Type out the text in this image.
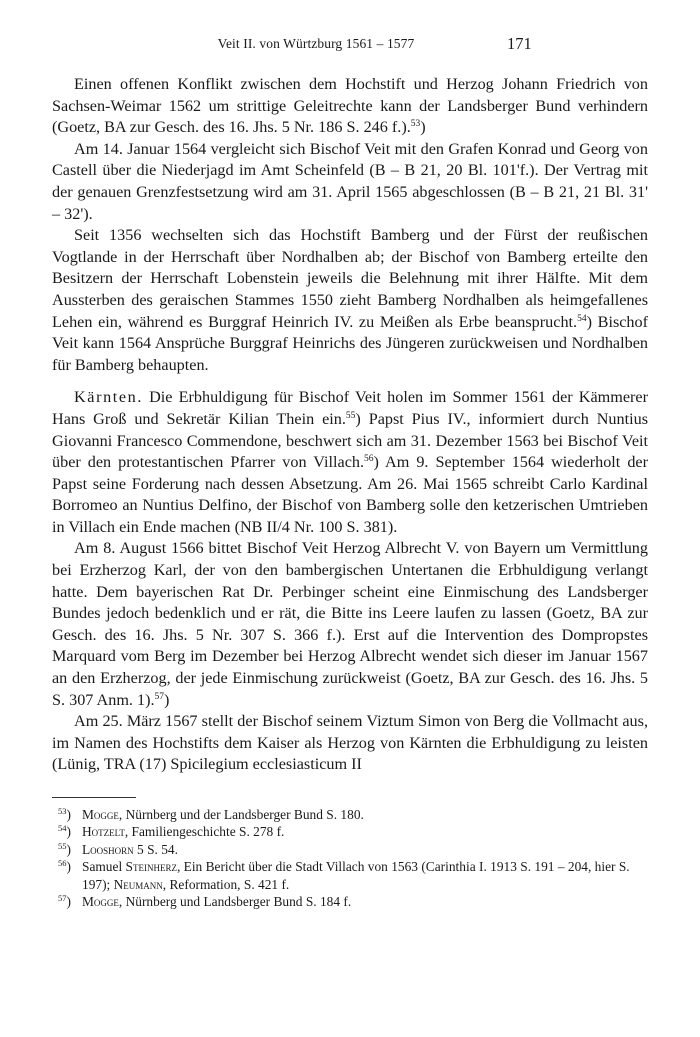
Veit II. von Würtzburg 1561 – 1577	171

Einen offenen Konflikt zwischen dem Hochstift und Herzog Johann Friedrich von Sachsen-Weimar 1562 um strittige Geleitrechte kann der Landsberger Bund verhindern (Goetz, BA zur Gesch. des 16. Jhs. 5 Nr. 186 S. 246 f.).$^{53}$)

Am 14. Januar 1564 vergleicht sich Bischof Veit mit den Grafen Konrad und Georg von Castell über die Niederjagd im Amt Scheinfeld (B – B 21, 20 Bl. 101'f.). Der Vertrag mit der genauen Grenzfestsetzung wird am 31. April 1565 abgeschlossen (B – B 21, 21 Bl. 31' – 32').

Seit 1356 wechselten sich das Hochstift Bamberg und der Fürst der reußischen Vogtlande in der Herrschaft über Nordhalben ab; der Bischof von Bamberg erteilte den Besitzern der Herrschaft Lobenstein jeweils die Belehnung mit ihrer Hälfte. Mit dem Aussterben des geraischen Stammes 1550 zieht Bamberg Nordhalben als heimgefallenes Lehen ein, während es Burggraf Heinrich IV. zu Meißen als Erbe beansprucht.$^{54}$) Bischof Veit kann 1564 Ansprüche Burggraf Heinrichs des Jüngeren zurückweisen und Nordhalben für Bamberg behaupten.

Kärnten. Die Erbhuldigung für Bischof Veit holen im Sommer 1561 der Kämmerer Hans Groß und Sekretär Kilian Thein ein.$^{55}$) Papst Pius IV., informiert durch Nuntius Giovanni Francesco Commendone, beschwert sich am 31. Dezember 1563 bei Bischof Veit über den protestantischen Pfarrer von Villach.$^{56}$) Am 9. September 1564 wiederholt der Papst seine Forderung nach dessen Absetzung. Am 26. Mai 1565 schreibt Carlo Kardinal Borromeo an Nuntius Delfino, der Bischof von Bamberg solle den ketzerischen Umtrieben in Villach ein Ende machen (NB II/4 Nr. 100 S. 381).

Am 8. August 1566 bittet Bischof Veit Herzog Albrecht V. von Bayern um Vermittlung bei Erzherzog Karl, der von den bambergischen Untertanen die Erbhuldigung verlangt hatte. Dem bayerischen Rat Dr. Perbinger scheint eine Einmischung des Landsberger Bundes jedoch bedenklich und er rät, die Bitte ins Leere laufen zu lassen (Goetz, BA zur Gesch. des 16. Jhs. 5 Nr. 307 S. 366 f.). Erst auf die Intervention des Dompropstes Marquard vom Berg im Dezember bei Herzog Albrecht wendet sich dieser im Januar 1567 an den Erzherzog, der jede Einmischung zurückweist (Goetz, BA zur Gesch. des 16. Jhs. 5 S. 307 Anm. 1).$^{57}$)

Am 25. März 1567 stellt der Bischof seinem Viztum Simon von Berg die Vollmacht aus, im Namen des Hochstifts dem Kaiser als Herzog von Kärnten die Erbhuldigung zu leisten (Lünig, TRA (17) Spicilegium ecclesiasticum II

$^{53}$) Mogge, Nürnberg und der Landsberger Bund S. 180.
$^{54}$) Hotzelt, Familiengeschichte S. 278 f.
$^{55}$) Looshorn 5 S. 54.
$^{56}$) Samuel Steinherz, Ein Bericht über die Stadt Villach von 1563 (Carinthia I. 1913 S. 191 – 204, hier S. 197); Neumann, Reformation, S. 421 f.
$^{57}$) Mogge, Nürnberg und Landsberger Bund S. 184 f.
